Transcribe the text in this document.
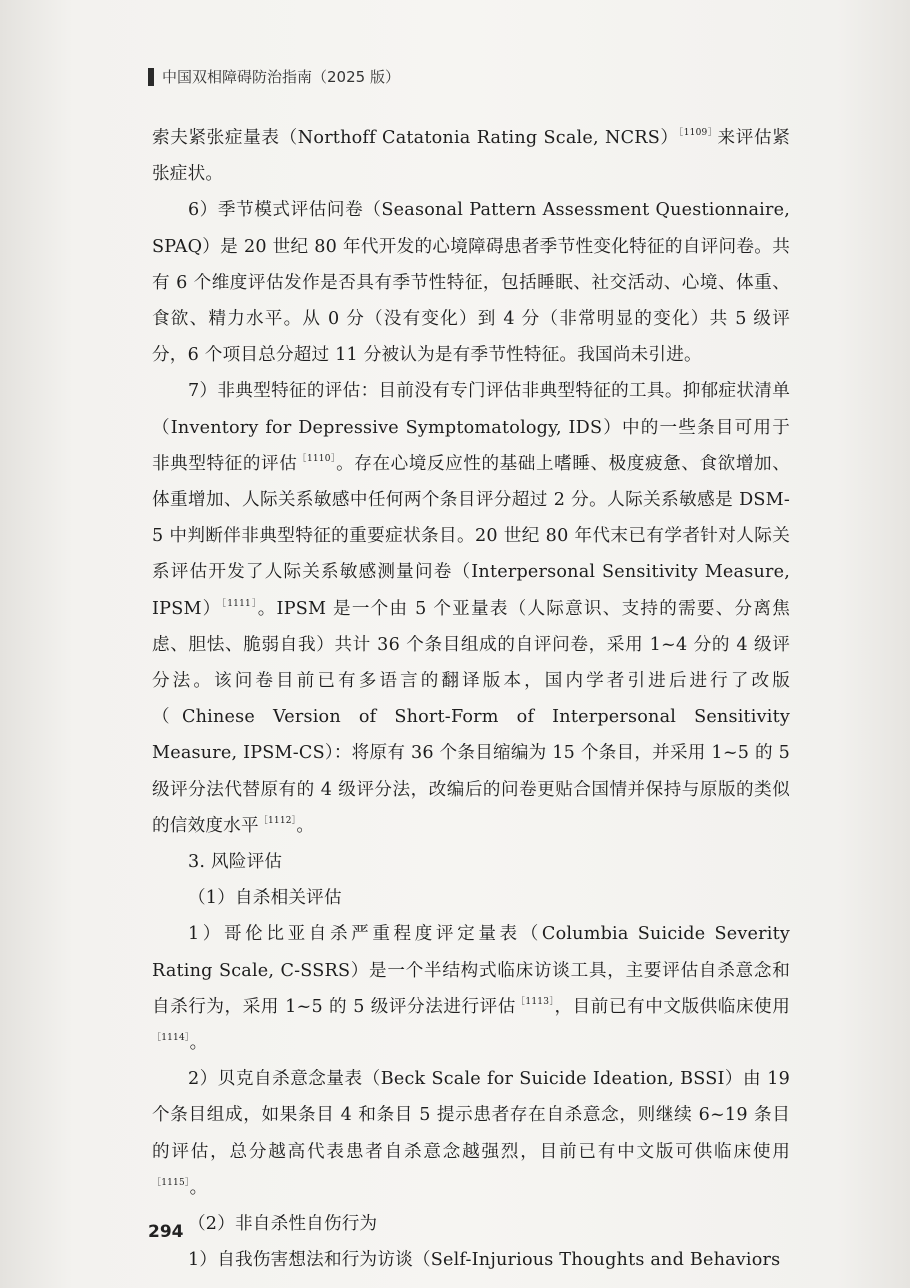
中国双相障碍防治指南（2025 版）

索夫紧张症量表（Northoff Catatonia Rating Scale, NCRS）$^{[1109]}$来评估紧张症状。

6）季节模式评估问卷（Seasonal Pattern Assessment Questionnaire, SPAQ）是 20 世纪 80 年代开发的心境障碍患者季节性变化特征的自评问卷。共有 6 个维度评估发作是否具有季节性特征，包括睡眠、社交活动、心境、体重、食欲、精力水平。从 0 分（没有变化）到 4 分（非常明显的变化）共 5 级评分，6 个项目总分超过 11 分被认为是有季节性特征。我国尚未引进。

7）非典型特征的评估：目前没有专门评估非典型特征的工具。抑郁症状清单（Inventory for Depressive Symptomatology, IDS）中的一些条目可用于非典型特征的评估$^{[1110]}$。存在心境反应性的基础上嗜睡、极度疲惫、食欲增加、体重增加、人际关系敏感中任何两个条目评分超过 2 分。人际关系敏感是 DSM-5 中判断伴非典型特征的重要症状条目。20 世纪 80 年代末已有学者针对人际关系评估开发了人际关系敏感测量问卷（Interpersonal Sensitivity Measure, IPSM）$^{[1111]}$。IPSM 是一个由 5 个亚量表（人际意识、支持的需要、分离焦虑、胆怯、脆弱自我）共计 36 个条目组成的自评问卷，采用 1~4 分的 4 级评分法。该问卷目前已有多语言的翻译版本，国内学者引进后进行了改版（Chinese Version of Short-Form of Interpersonal Sensitivity Measure, IPSM-CS）：将原有 36 个条目缩编为 15 个条目，并采用 1~5 的 5 级评分法代替原有的 4 级评分法，改编后的问卷更贴合国情并保持与原版的类似的信效度水平$^{[1112]}$。

3. 风险评估

（1）自杀相关评估

1）哥伦比亚自杀严重程度评定量表（Columbia Suicide Severity Rating Scale, C-SSRS）是一个半结构式临床访谈工具，主要评估自杀意念和自杀行为，采用 1~5 的 5 级评分法进行评估$^{[1113]}$，目前已有中文版供临床使用$^{[1114]}$。

2）贝克自杀意念量表（Beck Scale for Suicide Ideation, BSSI）由 19 个条目组成，如果条目 4 和条目 5 提示患者存在自杀意念，则继续 6~19 条目的评估，总分越高代表患者自杀意念越强烈，目前已有中文版可供临床使用$^{[1115]}$。

（2）非自杀性自伤行为

1）自我伤害想法和行为访谈（Self-Injurious Thoughts and Behaviors

294
